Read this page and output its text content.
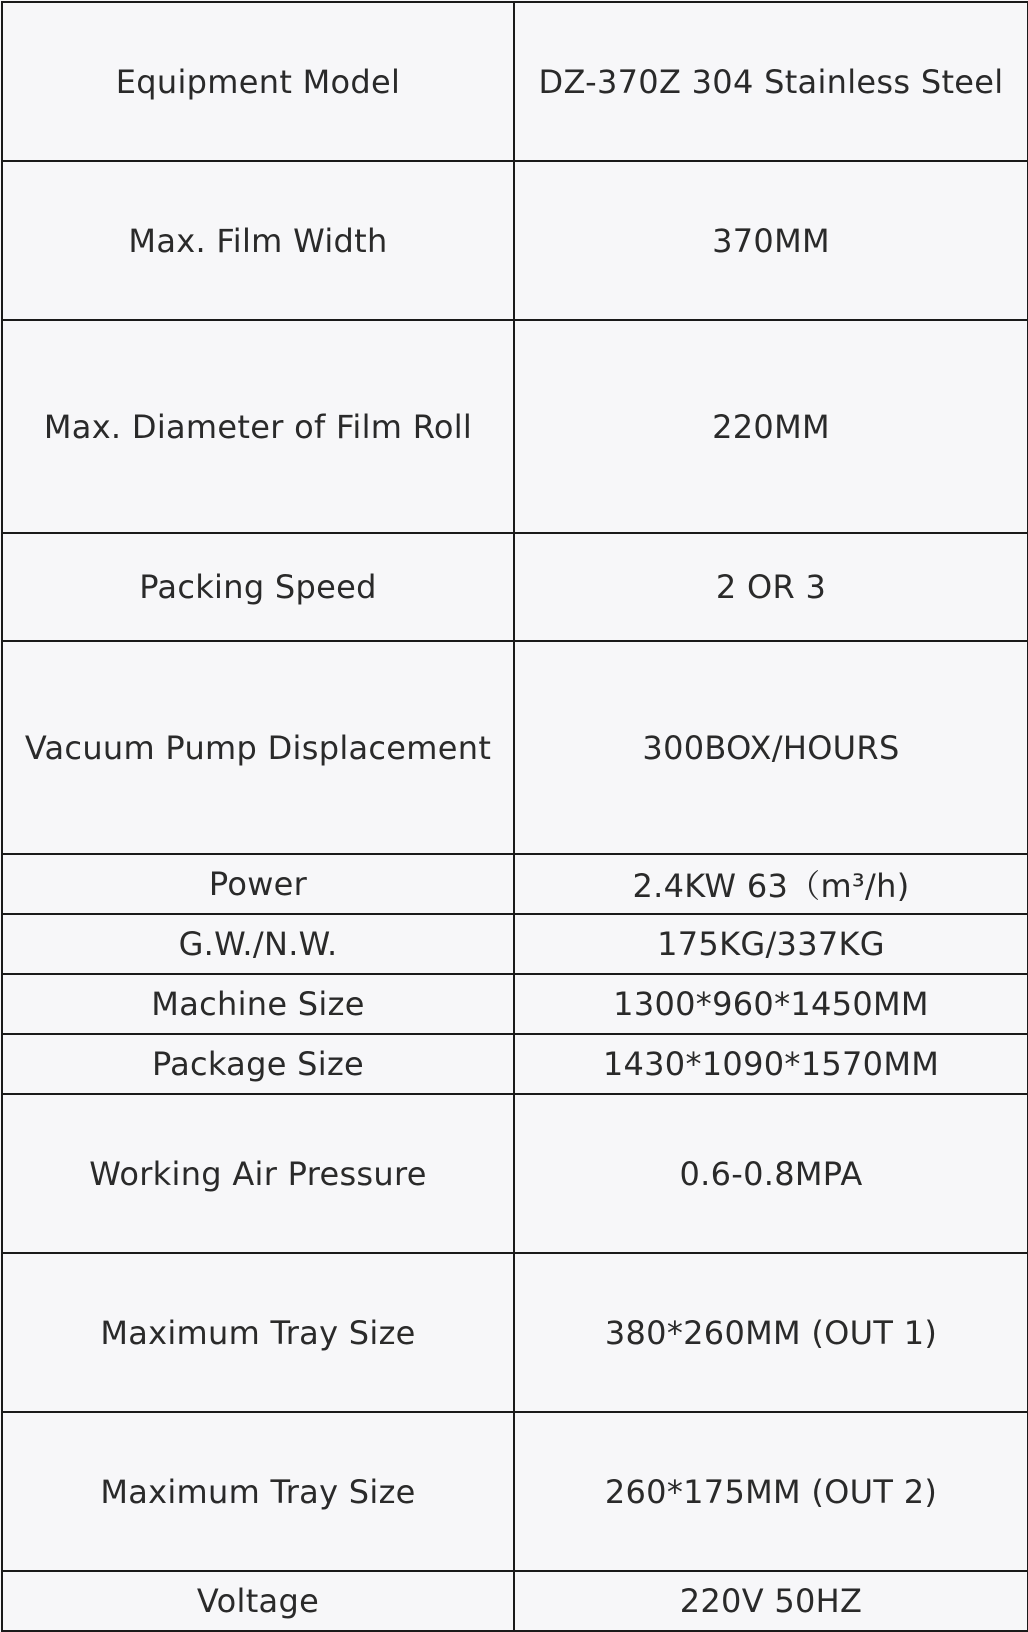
Equipment Model	DZ-370Z 304 Stainless Steel
Max. Film Width	370MM
Max. Diameter of Film Roll	220MM
Packing Speed	2 OR 3
Vacuum Pump Displacement	300BOX/HOURS
Power	2.4KW 63（m³/h)
G.W./N.W.	175KG/337KG
Machine Size	1300*960*1450MM
Package Size	1430*1090*1570MM
Working Air Pressure	0.6-0.8MPA
Maximum Tray Size	380*260MM (OUT 1)
Maximum Tray Size	260*175MM (OUT 2)
Voltage	220V 50HZ
